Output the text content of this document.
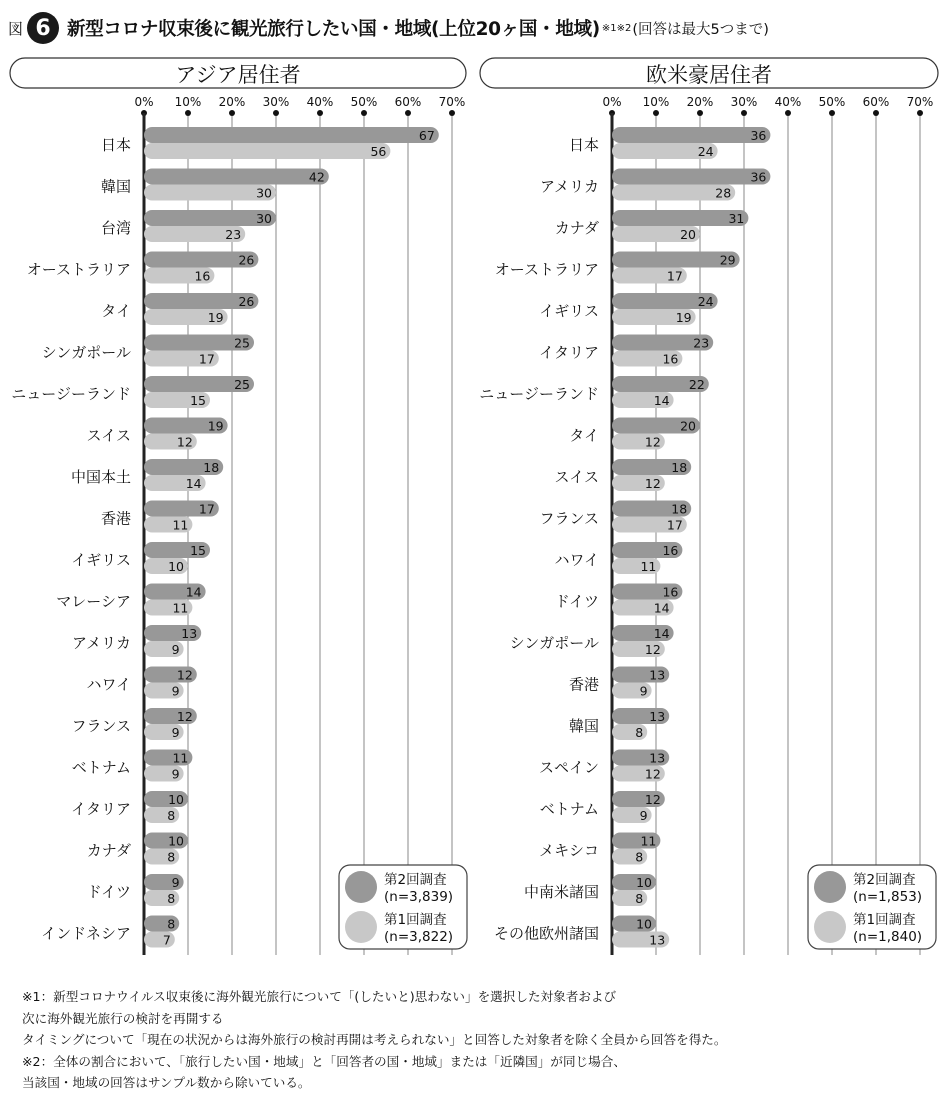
図 6 新型コロナ収束後に観光旅行したい国・地域(上位20ヶ国・地域) ※1※2 (回答は最大5つまで)
アジア居住者
0% 10% 20% 30% 40% 50% 60% 70%
日本
67
56
韓国
42
30
台湾
30
23
オーストラリア
26
16
タイ
26
19
シンガポール
25
17
ニュージーランド
25
15
スイス
19
12
中国本土
18
14
香港
17
11
イギリス
15
10
マレーシア
14
11
アメリカ
13
9
ハワイ
12
9
フランス
12
9
ベトナム
11
9
イタリア
10
8
カナダ
10
8
ドイツ
9
8
インドネシア
8
7
第2回調査
(n=3,839)
第1回調査
(n=3,822)
欧米豪居住者
0% 10% 20% 30% 40% 50% 60% 70%
日本
36
24
アメリカ
36
28
カナダ
31
20
オーストラリア
29
17
イギリス
24
19
イタリア
23
16
ニュージーランド
22
14
タイ
20
12
スイス
18
12
フランス
18
17
ハワイ
16
11
ドイツ
16
14
シンガポール
14
12
香港
13
9
韓国
13
8
スペイン
13
12
ベトナム
12
9
メキシコ
11
8
中南米諸国
10
8
その他欧州諸国
10
13
第2回調査
(n=1,853)
第1回調査
(n=1,840)
※1：新型コロナウイルス収束後に海外観光旅行について「(したいと)思わない」を選択した対象者および
次に海外観光旅行の検討を再開する
タイミングについて「現在の状況からは海外旅行の検討再開は考えられない」と回答した対象者を除く全員から回答を得た。
※2：全体の割合において、「旅行したい国・地域」と「回答者の国・地域」または「近隣国」が同じ場合、
当該国・地域の回答はサンプル数から除いている。
